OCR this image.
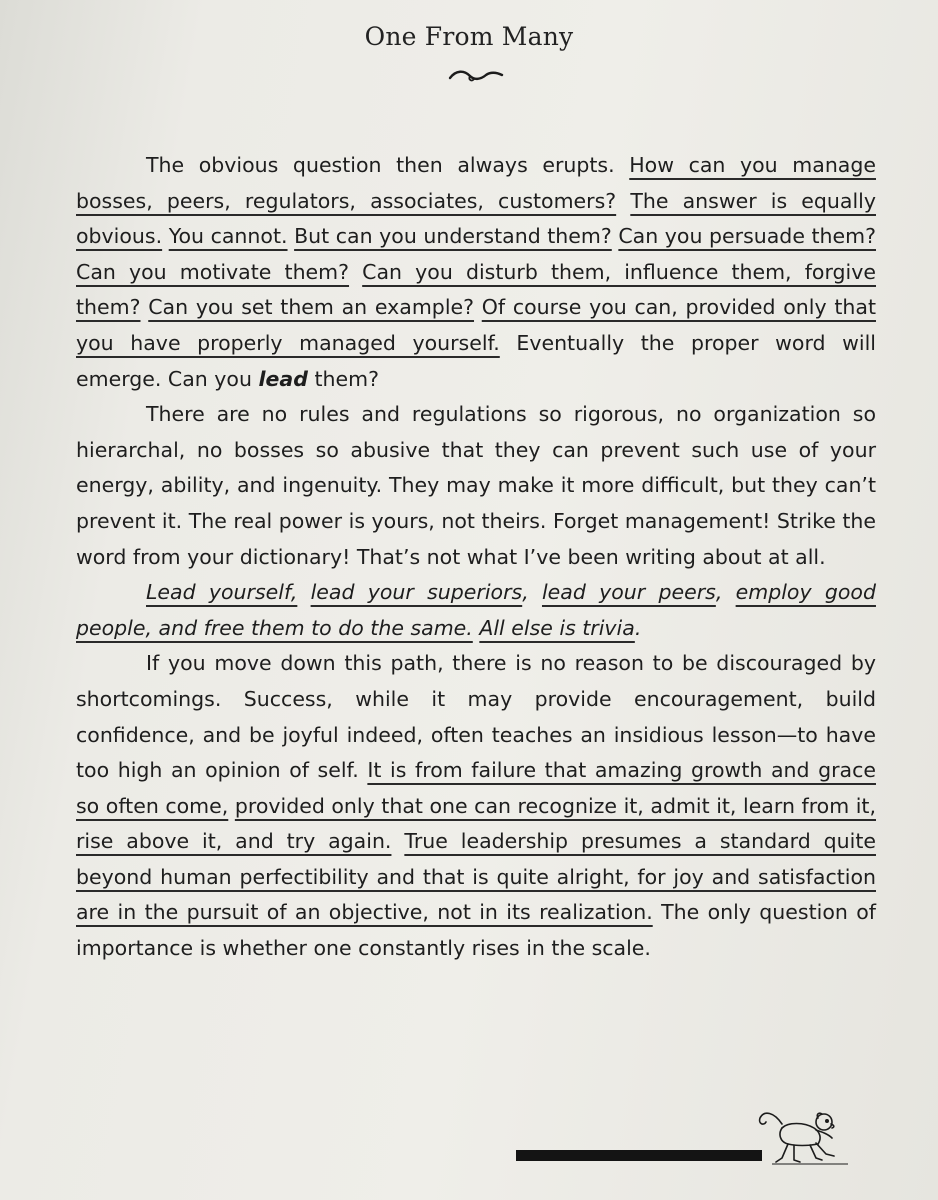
One From Many

The obvious question then always erupts. How can you manage bosses, peers, regulators, associates, customers? The answer is equally obvious. You cannot. But can you understand them? Can you persuade them? Can you motivate them? Can you disturb them, influence them, forgive them? Can you set them an example? Of course you can, provided only that you have properly managed yourself. Eventually the proper word will emerge. Can you lead them?

There are no rules and regulations so rigorous, no organization so hierarchal, no bosses so abusive that they can prevent such use of your energy, ability, and ingenuity. They may make it more difficult, but they can’t prevent it. The real power is yours, not theirs. Forget management! Strike the word from your dictionary! That’s not what I’ve been writing about at all.

Lead yourself, lead your superiors, lead your peers, employ good people, and free them to do the same. All else is trivia.

If you move down this path, there is no reason to be discouraged by shortcomings. Success, while it may provide encouragement, build confidence, and be joyful indeed, often teaches an insidious lesson—to have too high an opinion of self. It is from failure that amazing growth and grace so often come, provided only that one can recognize it, admit it, learn from it, rise above it, and try again. True leadership presumes a standard quite beyond human perfectibility and that is quite alright, for joy and satisfaction are in the pursuit of an objective, not in its realization. The only question of importance is whether one constantly rises in the scale.
